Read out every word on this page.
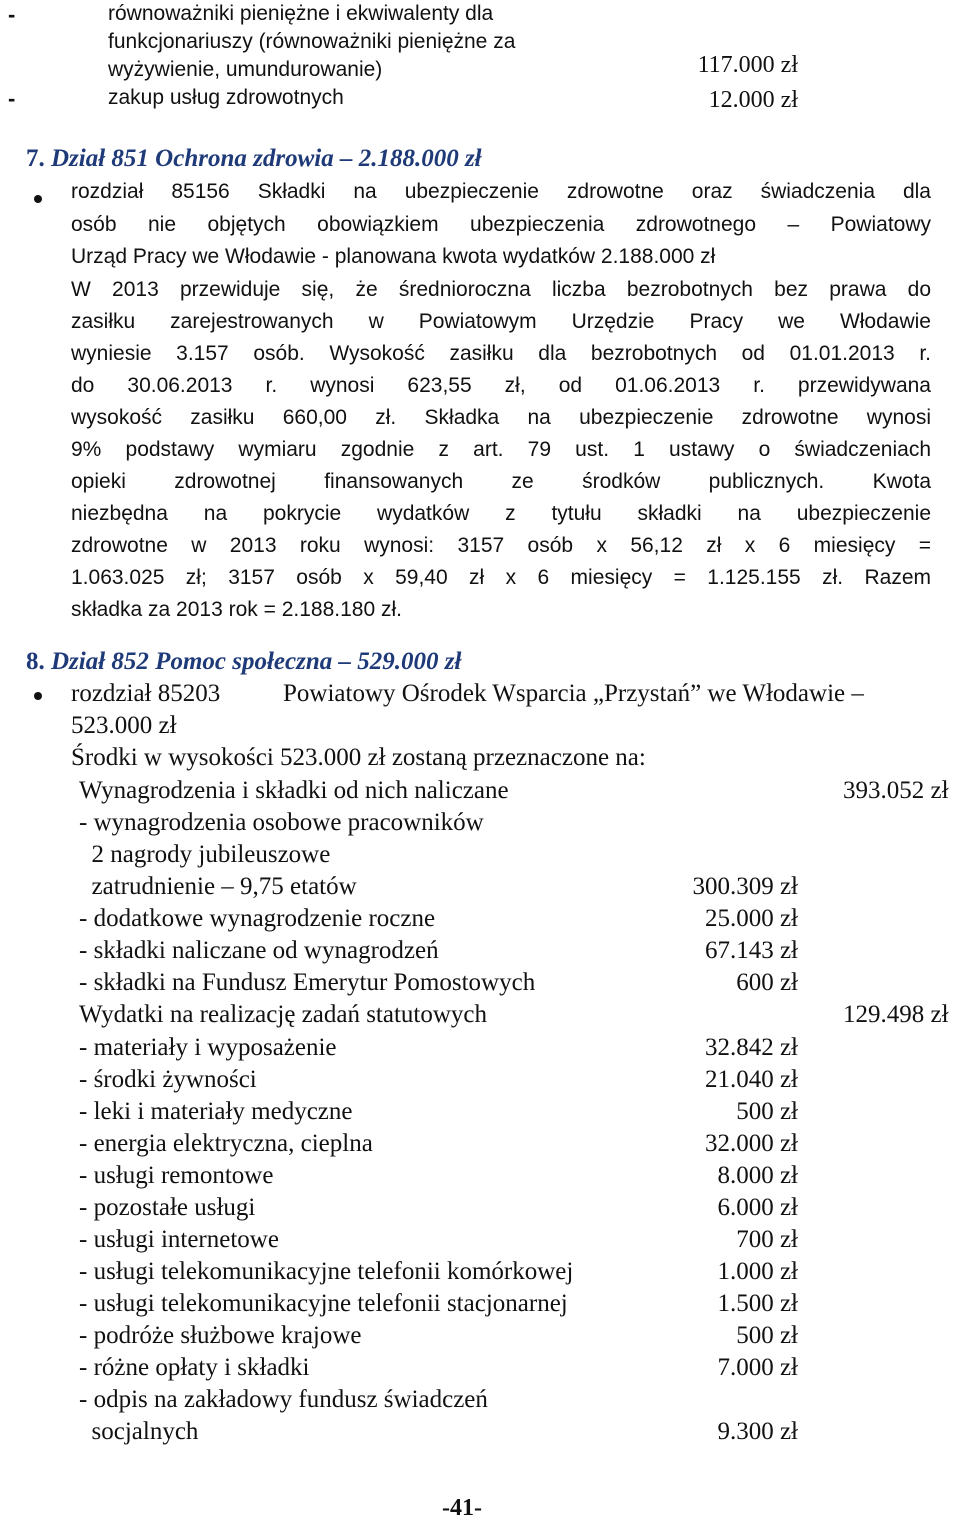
-	równoważniki pieniężne i ekwiwalenty dla
funkcjonariuszy (równoważniki pieniężne za
wyżywienie, umundurowanie)	117.000 zł
-	zakup usług zdrowotnych	12.000 zł
7. Dział 851 Ochrona zdrowia – 2.188.000 zł
rozdział 85156 Składki na ubezpieczenie zdrowotne oraz świadczenia dla
osób nie objętych obowiązkiem ubezpieczenia zdrowotnego – Powiatowy
Urząd Pracy we Włodawie - planowana kwota wydatków 2.188.000 zł
W 2013 przewiduje się, że średnioroczna liczba bezrobotnych bez prawa do
zasiłku zarejestrowanych w Powiatowym Urzędzie Pracy we Włodawie
wyniesie 3.157 osób. Wysokość zasiłku dla bezrobotnych od 01.01.2013 r.
do 30.06.2013 r. wynosi 623,55 zł, od 01.06.2013 r. przewidywana
wysokość zasiłku 660,00 zł. Składka na ubezpieczenie zdrowotne wynosi
9% podstawy wymiaru zgodnie z art. 79 ust. 1 ustawy o świadczeniach
opieki zdrowotnej finansowanych ze środków publicznych. Kwota
niezbędna na pokrycie wydatków z tytułu składki na ubezpieczenie
zdrowotne w 2013 roku wynosi: 3157 osób x 56,12 zł x 6 miesięcy =
1.063.025 zł; 3157 osób x 59,40 zł x 6 miesięcy = 1.125.155 zł. Razem
składka za 2013 rok = 2.188.180 zł.
8. Dział 852 Pomoc społeczna – 529.000 zł
rozdział 85203	Powiatowy Ośrodek Wsparcia „Przystań” we Włodawie –
523.000 zł
Środki w wysokości 523.000 zł zostaną przeznaczone na:
Wynagrodzenia i składki od nich naliczane	393.052 zł
- wynagrodzenia osobowe pracowników
2 nagrody jubileuszowe
zatrudnienie – 9,75 etatów	300.309 zł
- dodatkowe wynagrodzenie roczne	25.000 zł
- składki naliczane od wynagrodzeń	67.143 zł
- składki na Fundusz Emerytur Pomostowych	600 zł
Wydatki na realizację zadań statutowych	129.498 zł
- materiały i wyposażenie	32.842 zł
- środki żywności	21.040 zł
- leki i materiały medyczne	500 zł
- energia elektryczna, cieplna	32.000 zł
- usługi remontowe	8.000 zł
- pozostałe usługi	6.000 zł
- usługi internetowe	700 zł
- usługi telekomunikacyjne telefonii komórkowej	1.000 zł
- usługi telekomunikacyjne telefonii stacjonarnej	1.500 zł
- podróże służbowe krajowe	500 zł
- różne opłaty i składki	7.000 zł
- odpis na zakładowy fundusz świadczeń
socjalnych	9.300 zł
-41-
